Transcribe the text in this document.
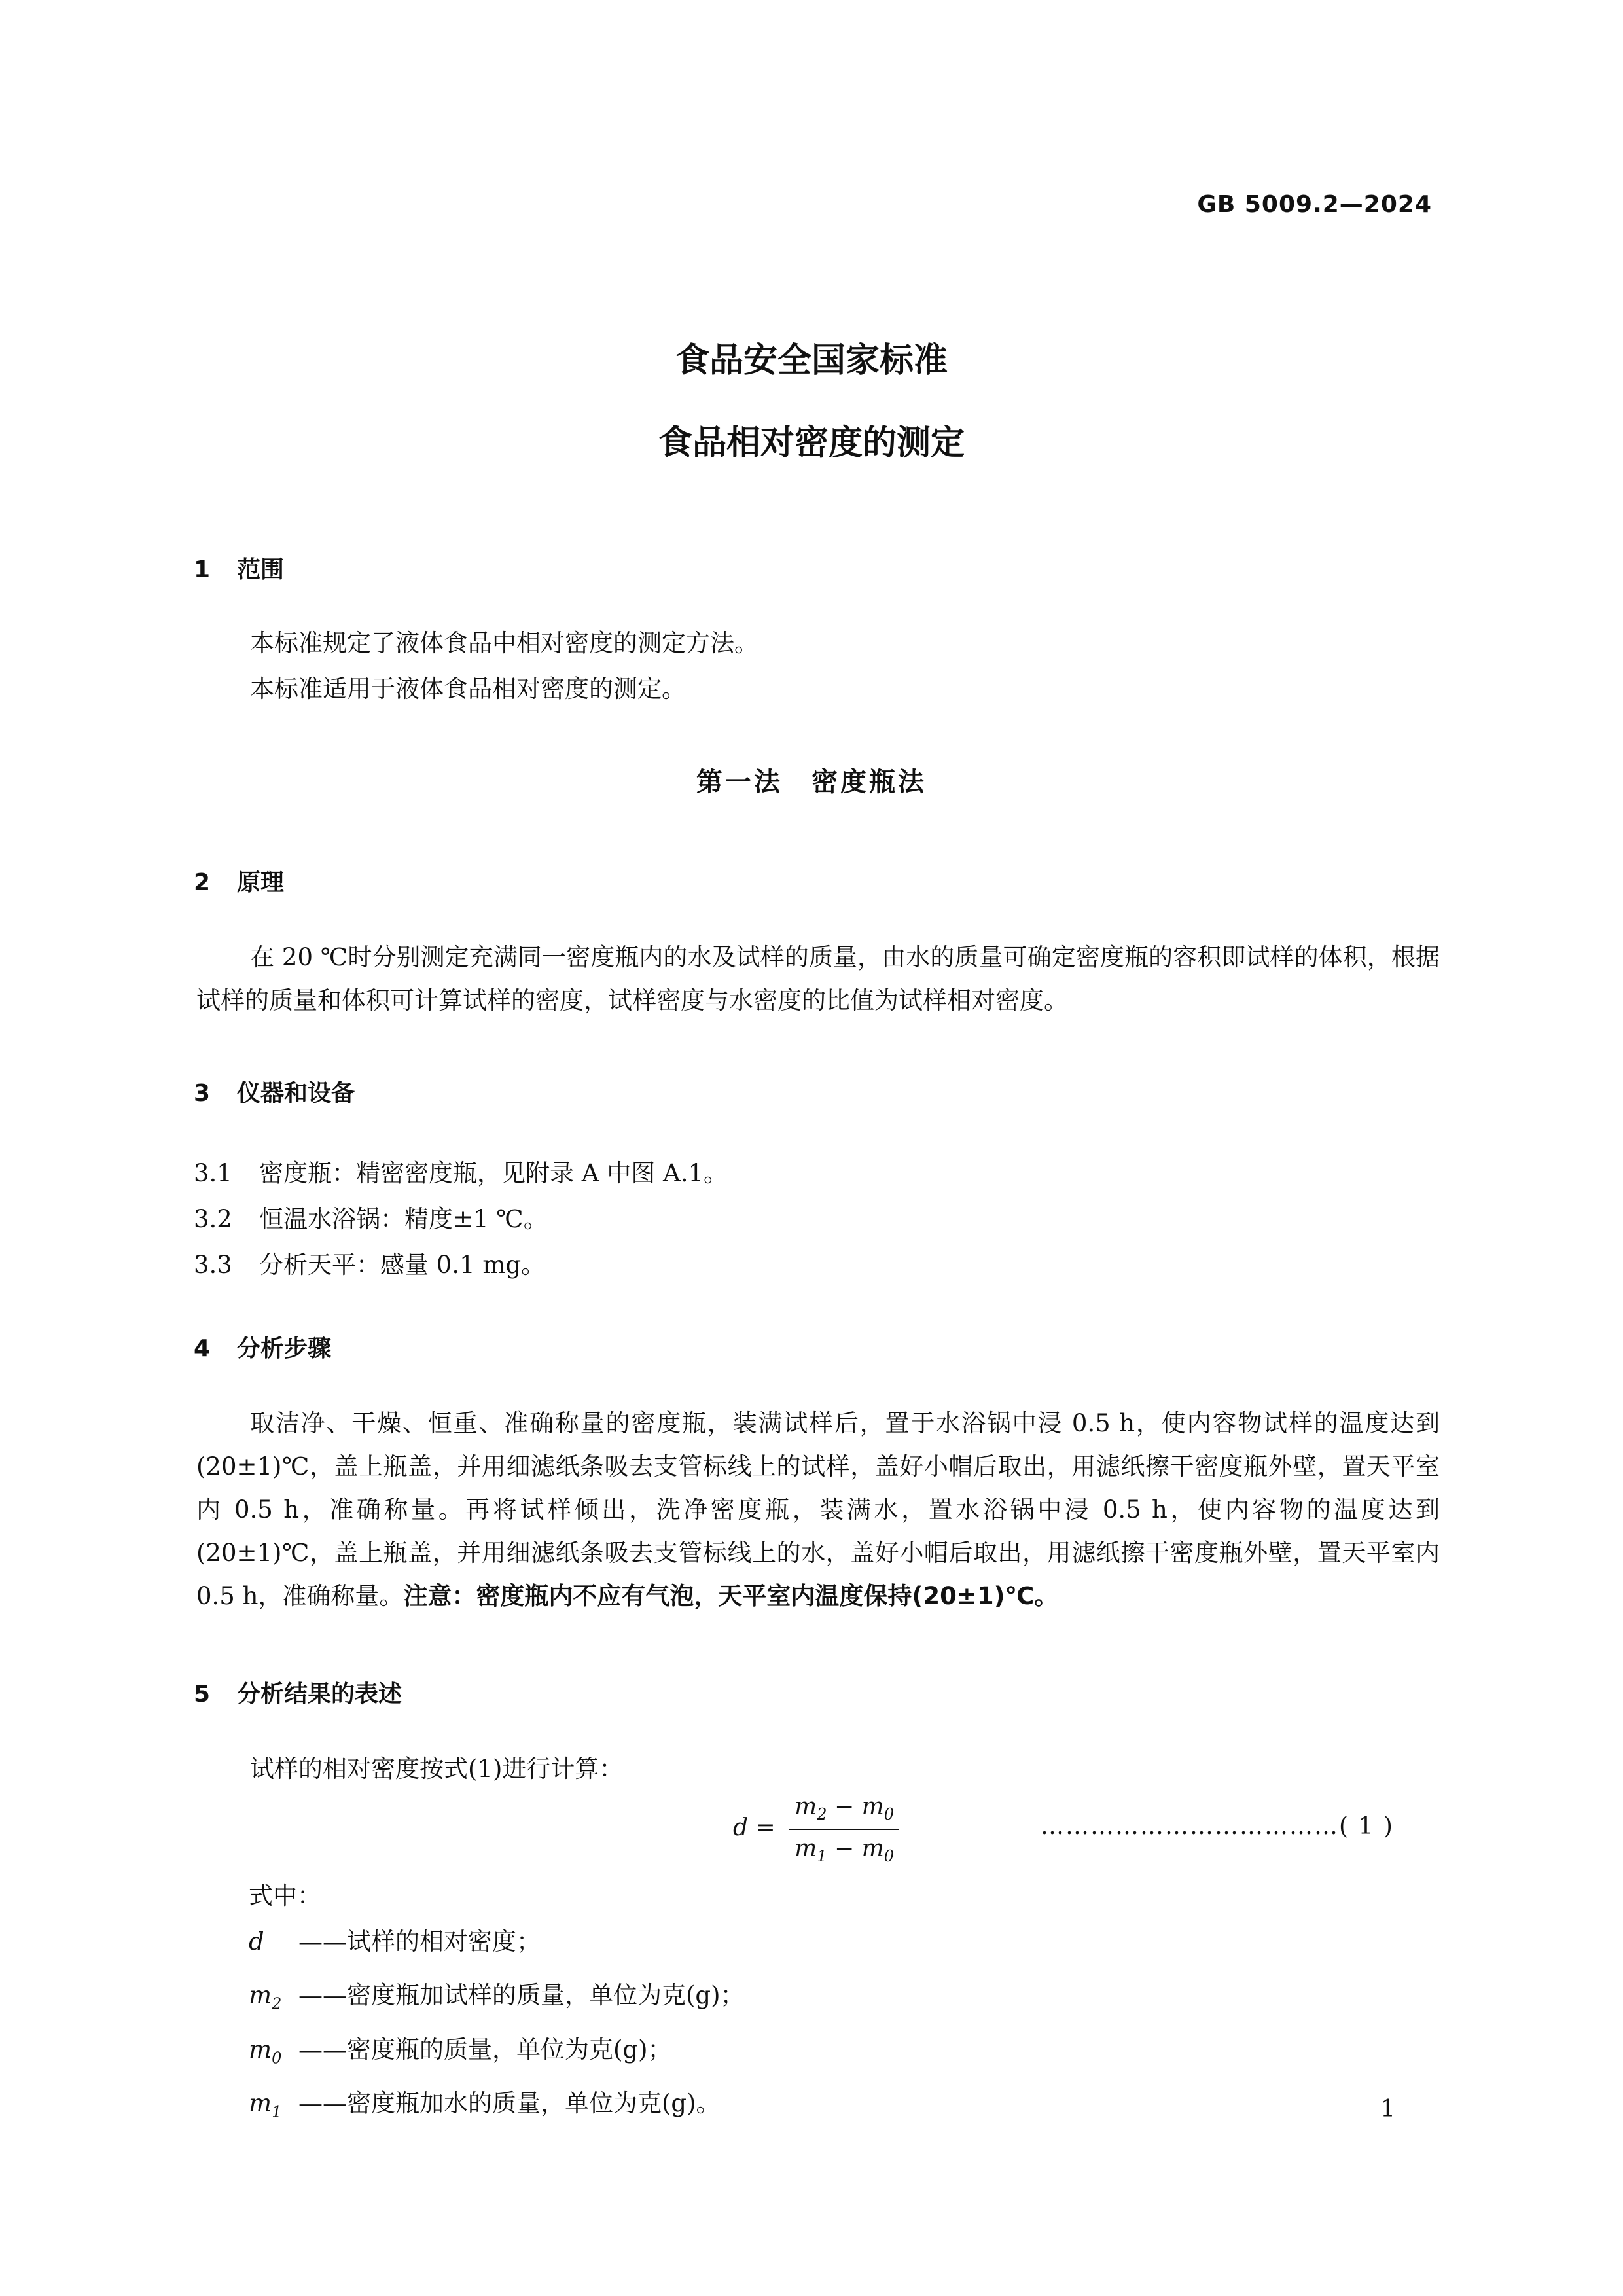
GB 5009.2—2024
食品安全国家标准
食品相对密度的测定
1 范围
本标准规定了液体食品中相对密度的测定方法。
本标准适用于液体食品相对密度的测定。
第一法　密度瓶法
2 原理
在 20 ℃时分别测定充满同一密度瓶内的水及试样的质量，由水的质量可确定密度瓶的容积即试样的体积，根据试样的质量和体积可计算试样的密度，试样密度与水密度的比值为试样相对密度。
3 仪器和设备
3.1 密度瓶：精密密度瓶，见附录 A 中图 A.1。
3.2 恒温水浴锅：精度±1 ℃。
3.3 分析天平：感量 0.1 mg。
4 分析步骤
取洁净、干燥、恒重、准确称量的密度瓶，装满试样后，置于水浴锅中浸 0.5 h，使内容物试样的温度达到(20±1)℃，盖上瓶盖，并用细滤纸条吸去支管标线上的试样，盖好小帽后取出，用滤纸擦干密度瓶外壁，置天平室内 0.5 h，准确称量。再将试样倾出，洗净密度瓶，装满水，置水浴锅中浸 0.5 h，使内容物的温度达到(20±1)℃，盖上瓶盖，并用细滤纸条吸去支管标线上的水，盖好小帽后取出，用滤纸擦干密度瓶外壁，置天平室内 0.5 h，准确称量。注意：密度瓶内不应有气泡，天平室内温度保持(20±1)℃。
5 分析结果的表述
试样的相对密度按式(1)进行计算：
$d = \frac{m_2 - m_0}{m_1 - m_0}$	………………………………( 1 )
式中：
d ——试样的相对密度；
$m_2$ ——密度瓶加试样的质量，单位为克(g)；
$m_0$ ——密度瓶的质量，单位为克(g)；
$m_1$ ——密度瓶加水的质量，单位为克(g)。	1
